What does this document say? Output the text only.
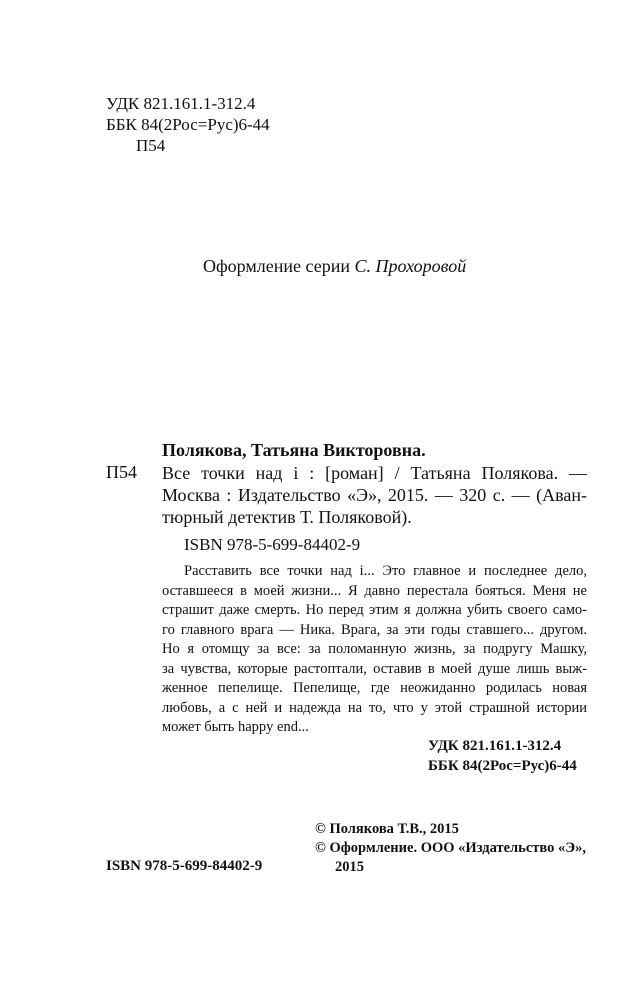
УДК 821.161.1-312.4
ББК 84(2Рос=Рус)6-44
П54
Оформление серии С. Прохоровой
Полякова, Татьяна Викторовна.
П54 Все точки над i : [роман] / Татьяна Полякова. —
Москва : Издательство «Э», 2015. — 320 с. — (Аван-
тюрный детектив Т. Поляковой).
ISBN 978-5-699-84402-9
Расставить все точки над i... Это главное и последнее дело,
оставшееся в моей жизни... Я давно перестала бояться. Меня не
страшит даже смерть. Но перед этим я должна убить своего само-
го главного врага — Ника. Врага, за эти годы ставшего... другом.
Но я отомщу за все: за поломанную жизнь, за подругу Машку,
за чувства, которые растоптали, оставив в моей душе лишь выж-
женное пепелище. Пепелище, где неожиданно родилась новая
любовь, а с ней и надежда на то, что у этой страшной истории
может быть happy end...
УДК 821.161.1-312.4
ББК 84(2Рос=Рус)6-44
© Полякова Т.В., 2015
© Оформление. ООО «Издательство «Э»,
2015
ISBN 978-5-699-84402-9
